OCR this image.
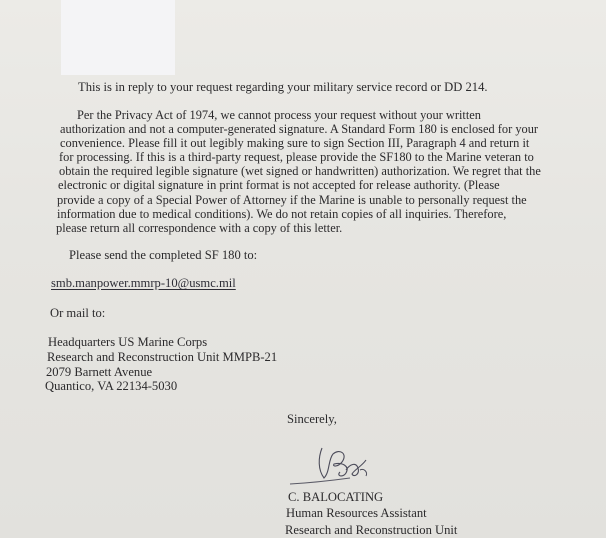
This is in reply to your request regarding your military service record or DD 214.

Per the Privacy Act of 1974, we cannot process your request without your written
authorization and not a computer-generated signature. A Standard Form 180 is enclosed for your
convenience. Please fill it out legibly making sure to sign Section III, Paragraph 4 and return it
for processing. If this is a third-party request, please provide the SF180 to the Marine veteran to
obtain the required legible signature (wet signed or handwritten) authorization. We regret that the
electronic or digital signature in print format is not accepted for release authority. (Please
provide a copy of a Special Power of Attorney if the Marine is unable to personally request the
information due to medical conditions). We do not retain copies of all inquiries. Therefore,
please return all correspondence with a copy of this letter.

Please send the completed SF 180 to:

smb.manpower.mmrp-10@usmc.mil

Or mail to:

Headquarters US Marine Corps
Research and Reconstruction Unit MMPB-21
2079 Barnett Avenue
Quantico, VA 22134-5030

Sincerely,

C. BALOCATING
Human Resources Assistant
Research and Reconstruction Unit
